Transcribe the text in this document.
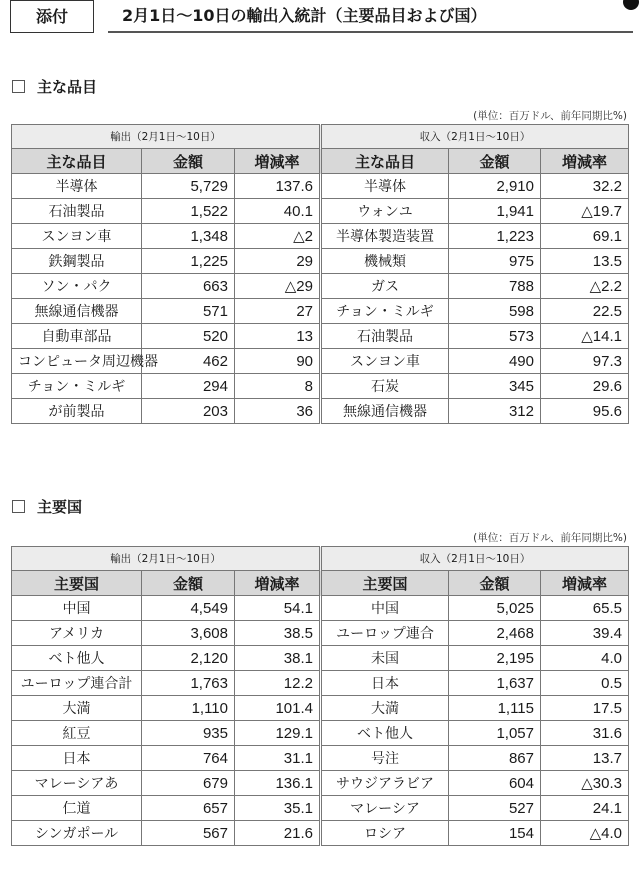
添付	2月1日～10日の輸出入統計（主要品目および国）
主な品目
(単位：百万ドル、前年同期比%)
輸出（2月1日～10日）			収入（2月1日～10日）		
主な品目	金額	増減率	主な品目	金額	増減率
半導体	5,729	137.6	半導体	2,910	32.2
石油製品	1,522	40.1	ウォンユ	1,941	△19.7
スンヨン車	1,348	△2	半導体製造装置	1,223	69.1
鉄鋼製品	1,225	29	機械類	975	13.5
ソン・パク	663	△29	ガス	788	△2.2
無線通信機器	571	27	チョン・ミルギ	598	22.5
自動車部品	520	13	石油製品	573	△14.1
コンピュータ周辺機器	462	90	スンヨン車	490	97.3
チョン・ミルギ	294	8	石炭	345	29.6
が前製品	203	36	無線通信機器	312	95.6
主要国
(単位：百万ドル、前年同期比%)
輸出（2月1日～10日）			収入（2月1日～10日）		
主要国	金額	増減率	主要国	金額	増減率
中国	4,549	54.1	中国	5,025	65.5
アメリカ	3,608	38.5	ユーロップ連合	2,468	39.4
ベト他人	2,120	38.1	未国	2,195	4.0
ユーロップ連合計	1,763	12.2	日本	1,637	0.5
大満	1,110	101.4	大満	1,115	17.5
紅豆	935	129.1	ベト他人	1,057	31.6
日本	764	31.1	号注	867	13.7
マレーシアあ	679	136.1	サウジアラビア	604	△30.3
仁道	657	35.1	マレーシア	527	24.1
シンガポール	567	21.6	ロシア	154	△4.0
